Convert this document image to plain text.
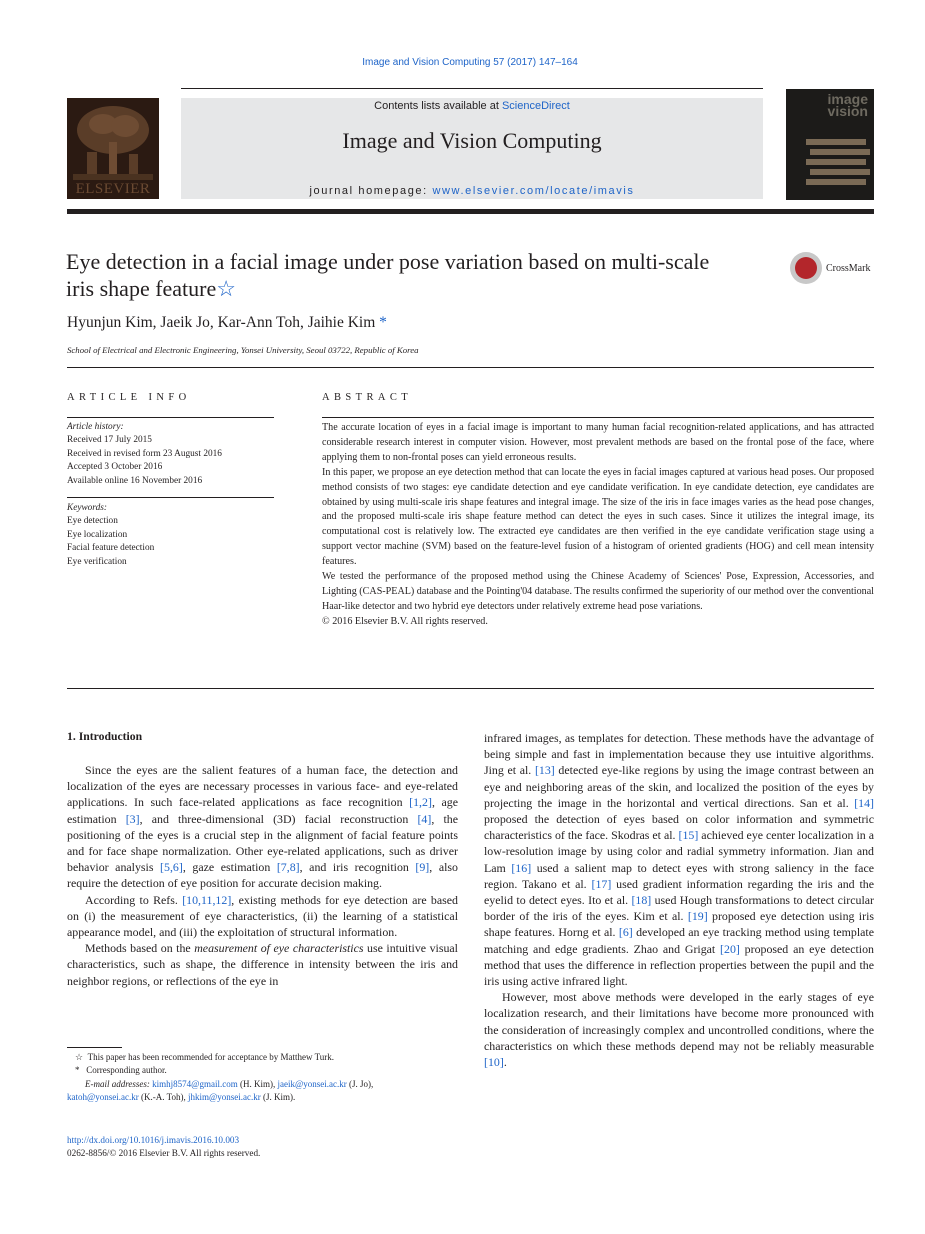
Image and Vision Computing 57 (2017) 147–164
ELSEVIER
Contents lists available at ScienceDirect
Image and Vision Computing
journal homepage: www.elsevier.com/locate/imavis
image vision
Eye detection in a facial image under pose variation based on multi-scale
iris shape feature☆
CrossMark
Hyunjun Kim, Jaeik Jo, Kar-Ann Toh, Jaihie Kim *
School of Electrical and Electronic Engineering, Yonsei University, Seoul 03722, Republic of Korea
ARTICLE INFO
Article history:
Received 17 July 2015
Received in revised form 23 August 2016
Accepted 3 October 2016
Available online 16 November 2016
Keywords:
Eye detection
Eye localization
Facial feature detection
Eye verification
ABSTRACT

The accurate location of eyes in a facial image is important to many human facial recognition-related applications, and has attracted considerable research interest in computer vision. However, most prevalent methods are based on the frontal pose of the face, where applying them to non-frontal poses can yield erroneous results.

In this paper, we propose an eye detection method that can locate the eyes in facial images captured at various head poses. Our proposed method consists of two stages: eye candidate detection and eye candidate verification. In eye candidate detection, eye candidates are obtained by using multi-scale iris shape features and integral image. The size of the iris in face images varies as the head pose changes, and the proposed multi-scale iris shape feature method can detect the eyes in such cases. Since it utilizes the integral image, its computational cost is relatively low. The extracted eye candidates are then verified in the eye candidate verification stage using a support vector machine (SVM) based on the feature-level fusion of a histogram of oriented gradients (HOG) and cell mean intensity features.

We tested the performance of the proposed method using the Chinese Academy of Sciences' Pose, Expression, Accessories, and Lighting (CAS-PEAL) database and the Pointing'04 database. The results confirmed the superiority of our method over the conventional Haar-like detector and two hybrid eye detectors under relatively extreme head pose variations.

© 2016 Elsevier B.V. All rights reserved.

1. Introduction

Since the eyes are the salient features of a human face, the detection and localization of the eyes are necessary processes in various face- and eye-related applications. In such face-related applications as face recognition [1,2], age estimation [3], and three-dimensional (3D) facial reconstruction [4], the positioning of the eyes is a crucial step in the alignment of facial feature points and for face shape normalization. Other eye-related applications, such as driver behavior analysis [5,6], gaze estimation [7,8], and iris recognition [9], also require the detection of eye position for accurate decision making.

According to Refs. [10,11,12], existing methods for eye detection are based on (i) the measurement of eye characteristics, (ii) the learning of a statistical appearance model, and (iii) the exploitation of structural information.

Methods based on the measurement of eye characteristics use intuitive visual characteristics, such as shape, the difference in intensity between the iris and neighbor regions, or reflections of the eye in

infrared images, as templates for detection. These methods have the advantage of being simple and fast in implementation because they use intuitive algorithms. Jing et al. [13] detected eye-like regions by using the image contrast between an eye and neighboring areas of the skin, and localized the position of the eyes by projecting the image in the horizontal and vertical directions. San et al. [14] proposed the detection of eyes based on color information and symmetric characteristics of the face. Skodras et al. [15] achieved eye center localization in a low-resolution image by using color and radial symmetry information. Jian and Lam [16] used a salient map to detect eyes with strong saliency in the face region. Takano et al. [17] used gradient information regarding the iris and the eyelid to detect eyes. Ito et al. [18] used Hough transformations to detect circular border of the iris of the eyes. Kim et al. [19] proposed eye detection using iris shape features. Horng et al. [6] developed an eye tracking method using template matching and edge gradients. Zhao and Grigat [20] proposed an eye detection method that uses the difference in reflection properties between the pupil and the iris using active infrared light.

However, most above methods were developed in the early stages of eye localization research, and their limitations have become more pronounced with the consideration of increasingly complex and uncontrolled conditions, where the characteristics on which these methods depend may not be reliably measurable [10].

☆ This paper has been recommended for acceptance by Matthew Turk.
* Corresponding author.
E-mail addresses: kimhj8574@gmail.com (H. Kim), jaeik@yonsei.ac.kr (J. Jo),
katoh@yonsei.ac.kr (K.-A. Toh), jhkim@yonsei.ac.kr (J. Kim).
http://dx.doi.org/10.1016/j.imavis.2016.10.003
0262-8856/© 2016 Elsevier B.V. All rights reserved.
